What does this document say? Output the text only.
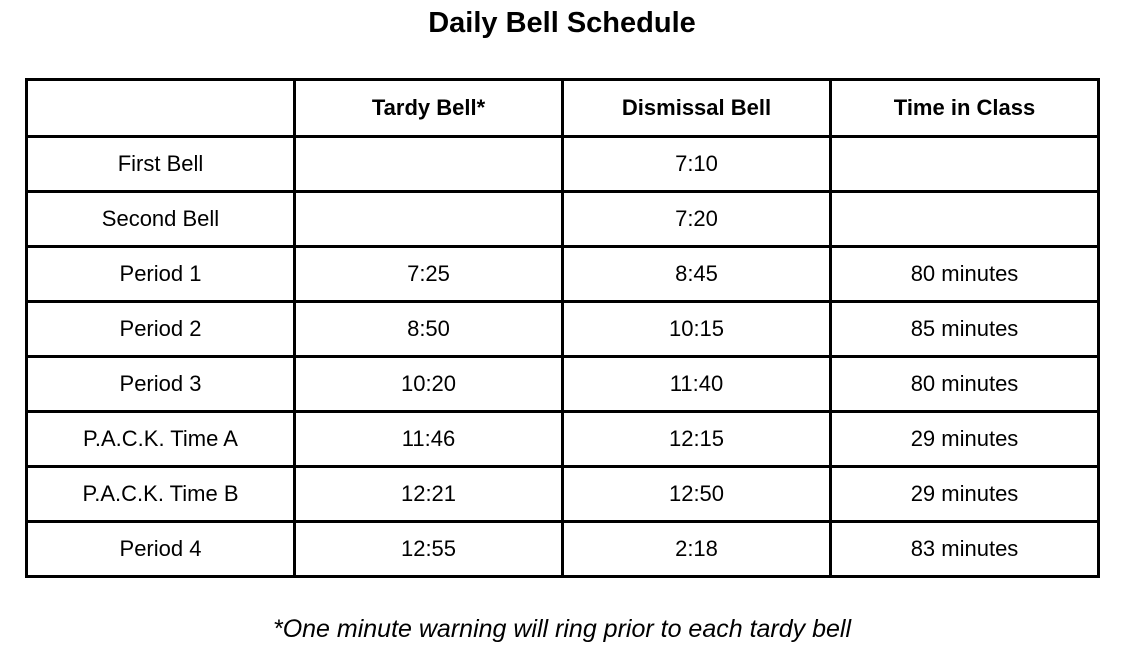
Daily Bell Schedule
	Tardy Bell*	Dismissal Bell	Time in Class
First Bell		7:10	
Second Bell		7:20	
Period 1	7:25	8:45	80 minutes
Period 2	8:50	10:15	85 minutes
Period 3	10:20	11:40	80 minutes
P.A.C.K. Time A	11:46	12:15	29 minutes
P.A.C.K. Time B	12:21	12:50	29 minutes
Period 4	12:55	2:18	83 minutes

*One minute warning will ring prior to each tardy bell
